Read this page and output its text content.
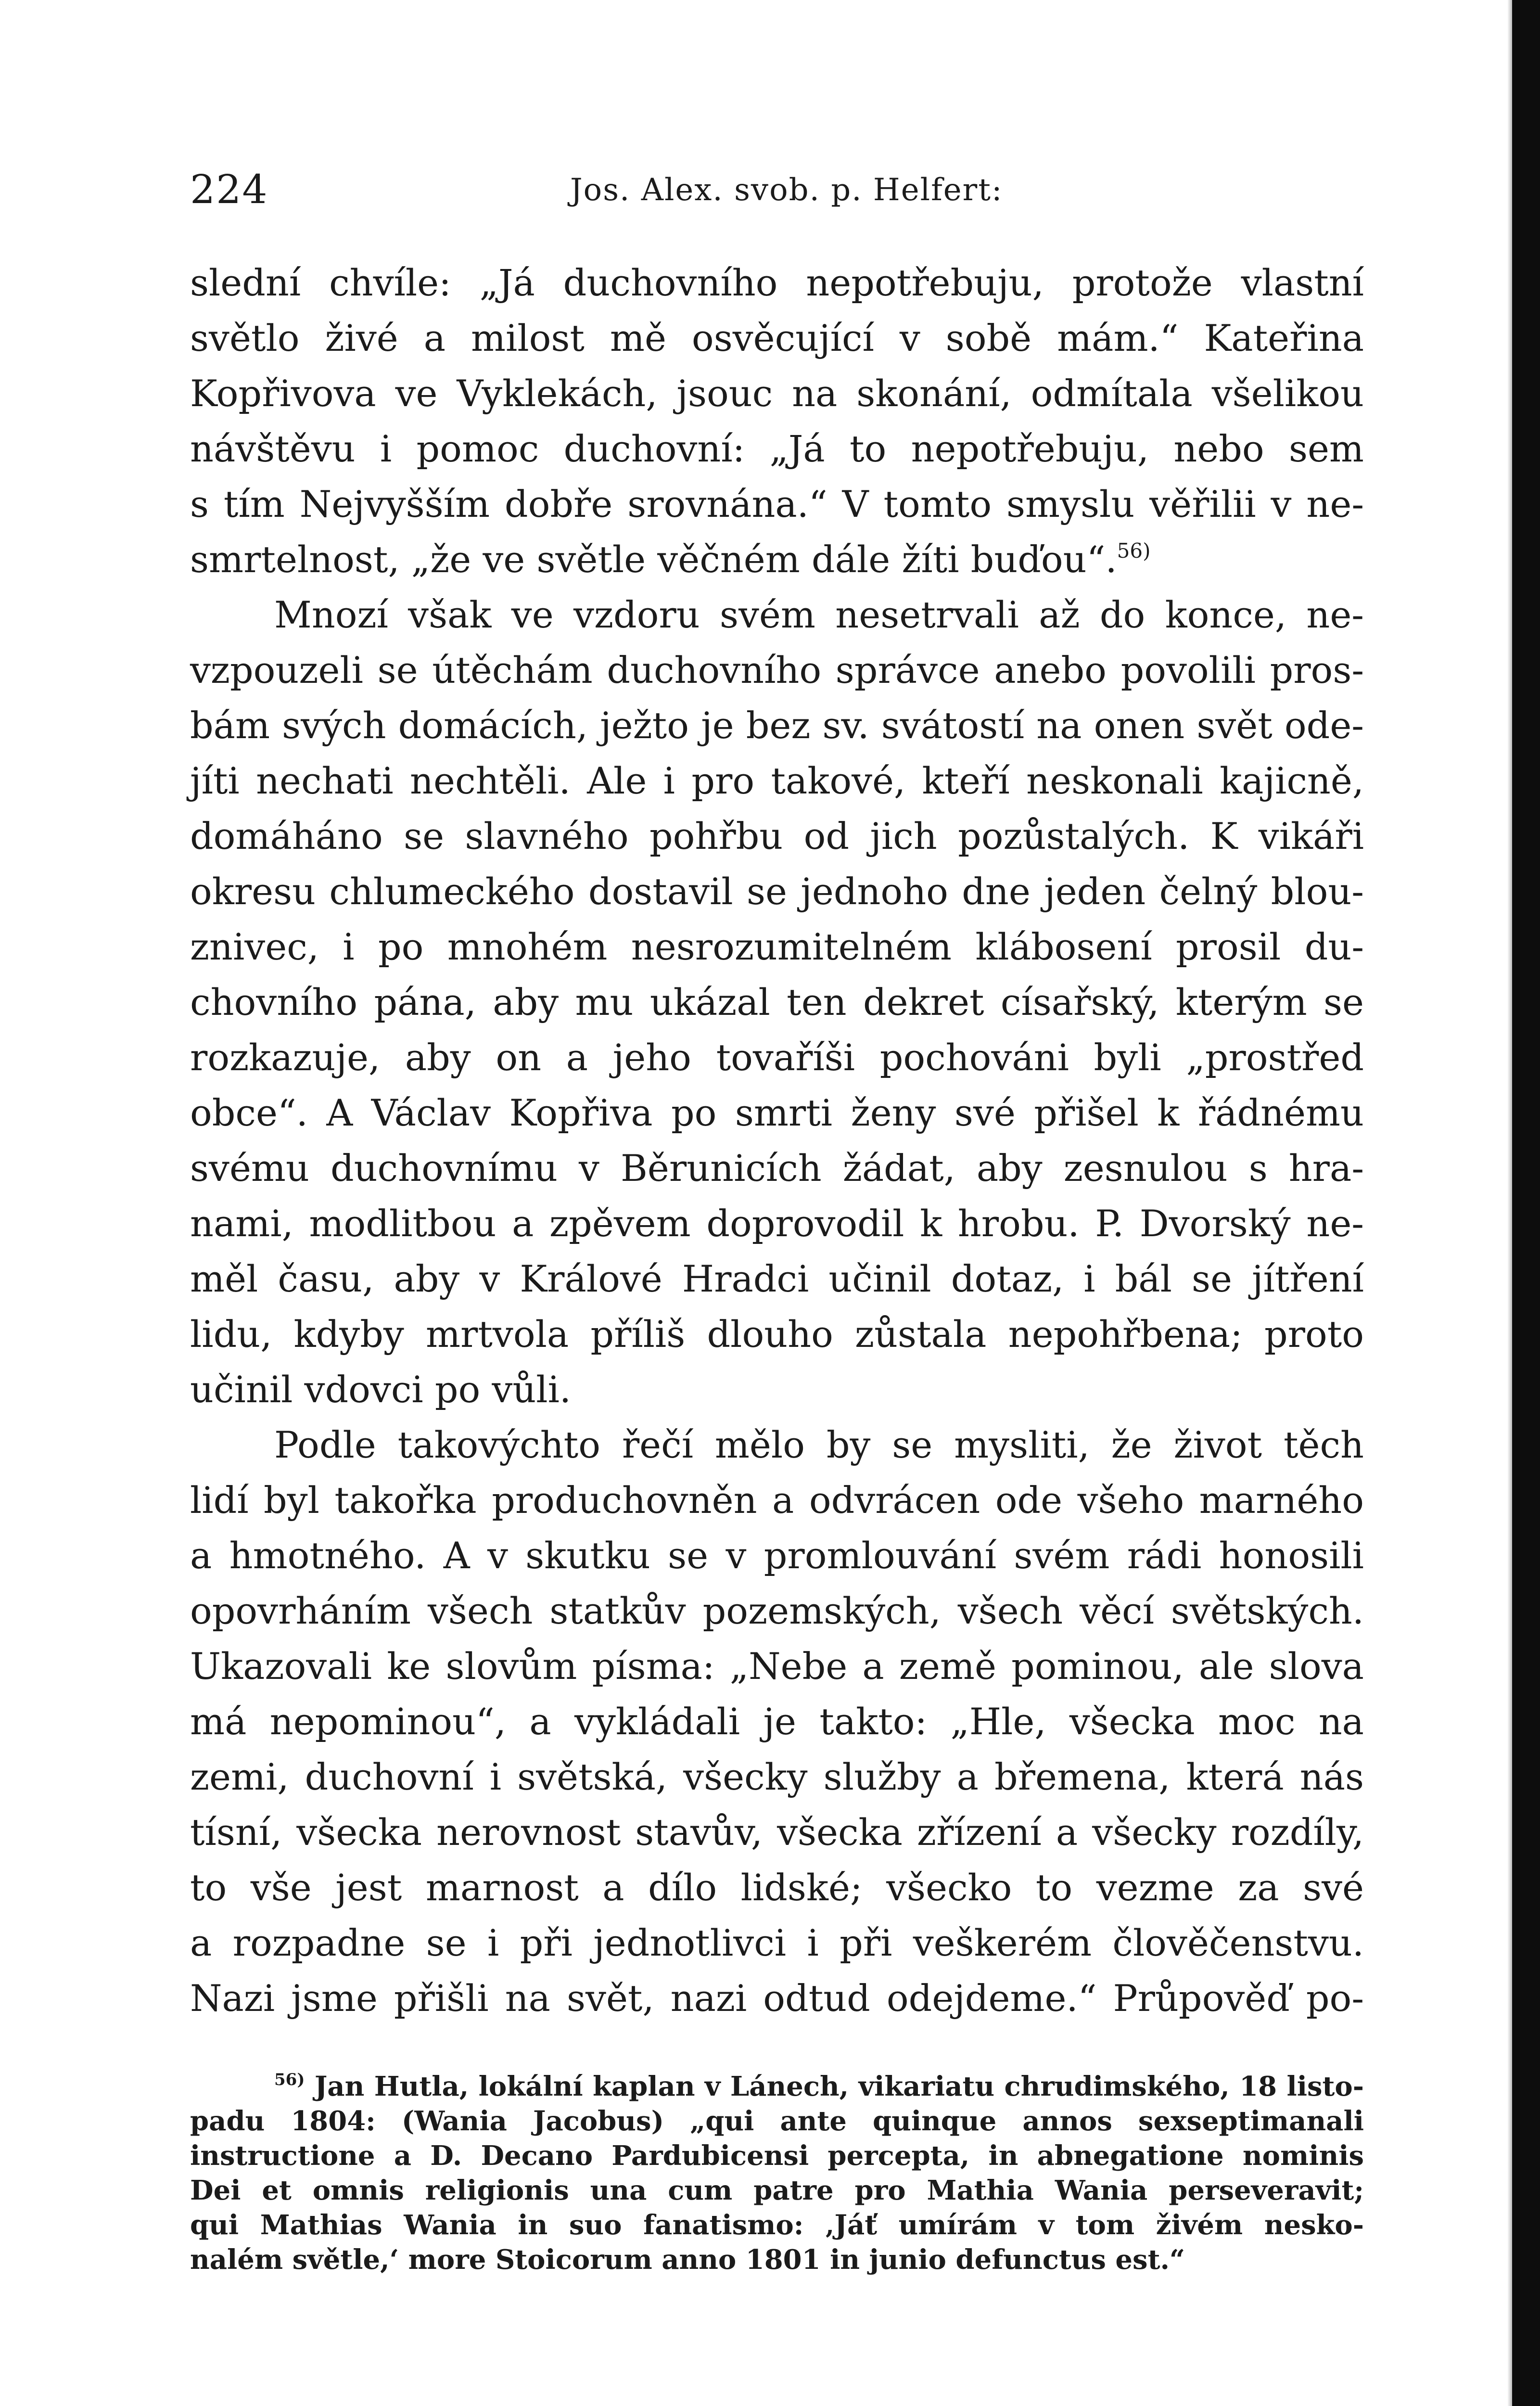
224	Jos. Alex. svob. p. Helfert:
slední chvíle: „Já duchovního nepotřebuju, protože vlastní
světlo živé a milost mě osvěcující v sobě mám.“ Kateřina
Kopřivova ve Vyklekách, jsouc na skonání, odmítala všelikou
návštěvu i pomoc duchovní: „Já to nepotřebuju, nebo sem
s tím Nejvyšším dobře srovnána.“ V tomto smyslu věřilii v ne-
smrtelnost, „že ve světle věčném dále žíti buďou“.$^{56)}$
Mnozí však ve vzdoru svém nesetrvali až do konce, ne-
vzpouzeli se útěchám duchovního správce anebo povolili pros-
bám svých domácích, ježto je bez sv. svátostí na onen svět ode-
jíti nechati nechtěli. Ale i pro takové, kteří neskonali kajicně,
domáháno se slavného pohřbu od jich pozůstalých. K vikáři
okresu chlumeckého dostavil se jednoho dne jeden čelný blou-
znivec, i po mnohém nesrozumitelném klábosení prosil du-
chovního pána, aby mu ukázal ten dekret císařský, kterým se
rozkazuje, aby on a jeho tovaříši pochováni byli „prostřed
obce“. A Václav Kopřiva po smrti ženy své přišel k řádnému
svému duchovnímu v Běrunicích žádat, aby zesnulou s hra-
nami, modlitbou a zpěvem doprovodil k hrobu. P. Dvorský ne-
měl času, aby v Králové Hradci učinil dotaz, i bál se jítření
lidu, kdyby mrtvola příliš dlouho zůstala nepohřbena; proto
učinil vdovci po vůli.
Podle takovýchto řečí mělo by se mysliti, že život těch
lidí byl takořka produchovněn a odvrácen ode všeho marného
a hmotného. A v skutku se v promlouvání svém rádi honosili
opovrháním všech statkův pozemských, všech věcí světských.
Ukazovali ke slovům písma: „Nebe a země pominou, ale slova
má nepominou“, a vykládali je takto: „Hle, všecka moc na
zemi, duchovní i světská, všecky služby a břemena, která nás
tísní, všecka nerovnost stavův, všecka zřízení a všecky rozdíly,
to vše jest marnost a dílo lidské; všecko to vezme za své
a rozpadne se i při jednotlivci i při veškerém člověčenstvu.
Nazi jsme přišli na svět, nazi odtud odejdeme.“ Průpověď po-
$^{56)}$ Jan Hutla, lokální kaplan v Lánech, vikariatu chrudimského, 18 listo-
padu 1804: (Wania Jacobus) „qui ante quinque annos sexseptimanali
instructione a D. Decano Pardubicensi percepta, in abnegatione nominis
Dei et omnis religionis una cum patre pro Mathia Wania perseveravit;
qui Mathias Wania in suo fanatismo: ‚Jáť umírám v tom živém nesko-
nalém světle,‘ more Stoicorum anno 1801 in junio defunctus est.“
